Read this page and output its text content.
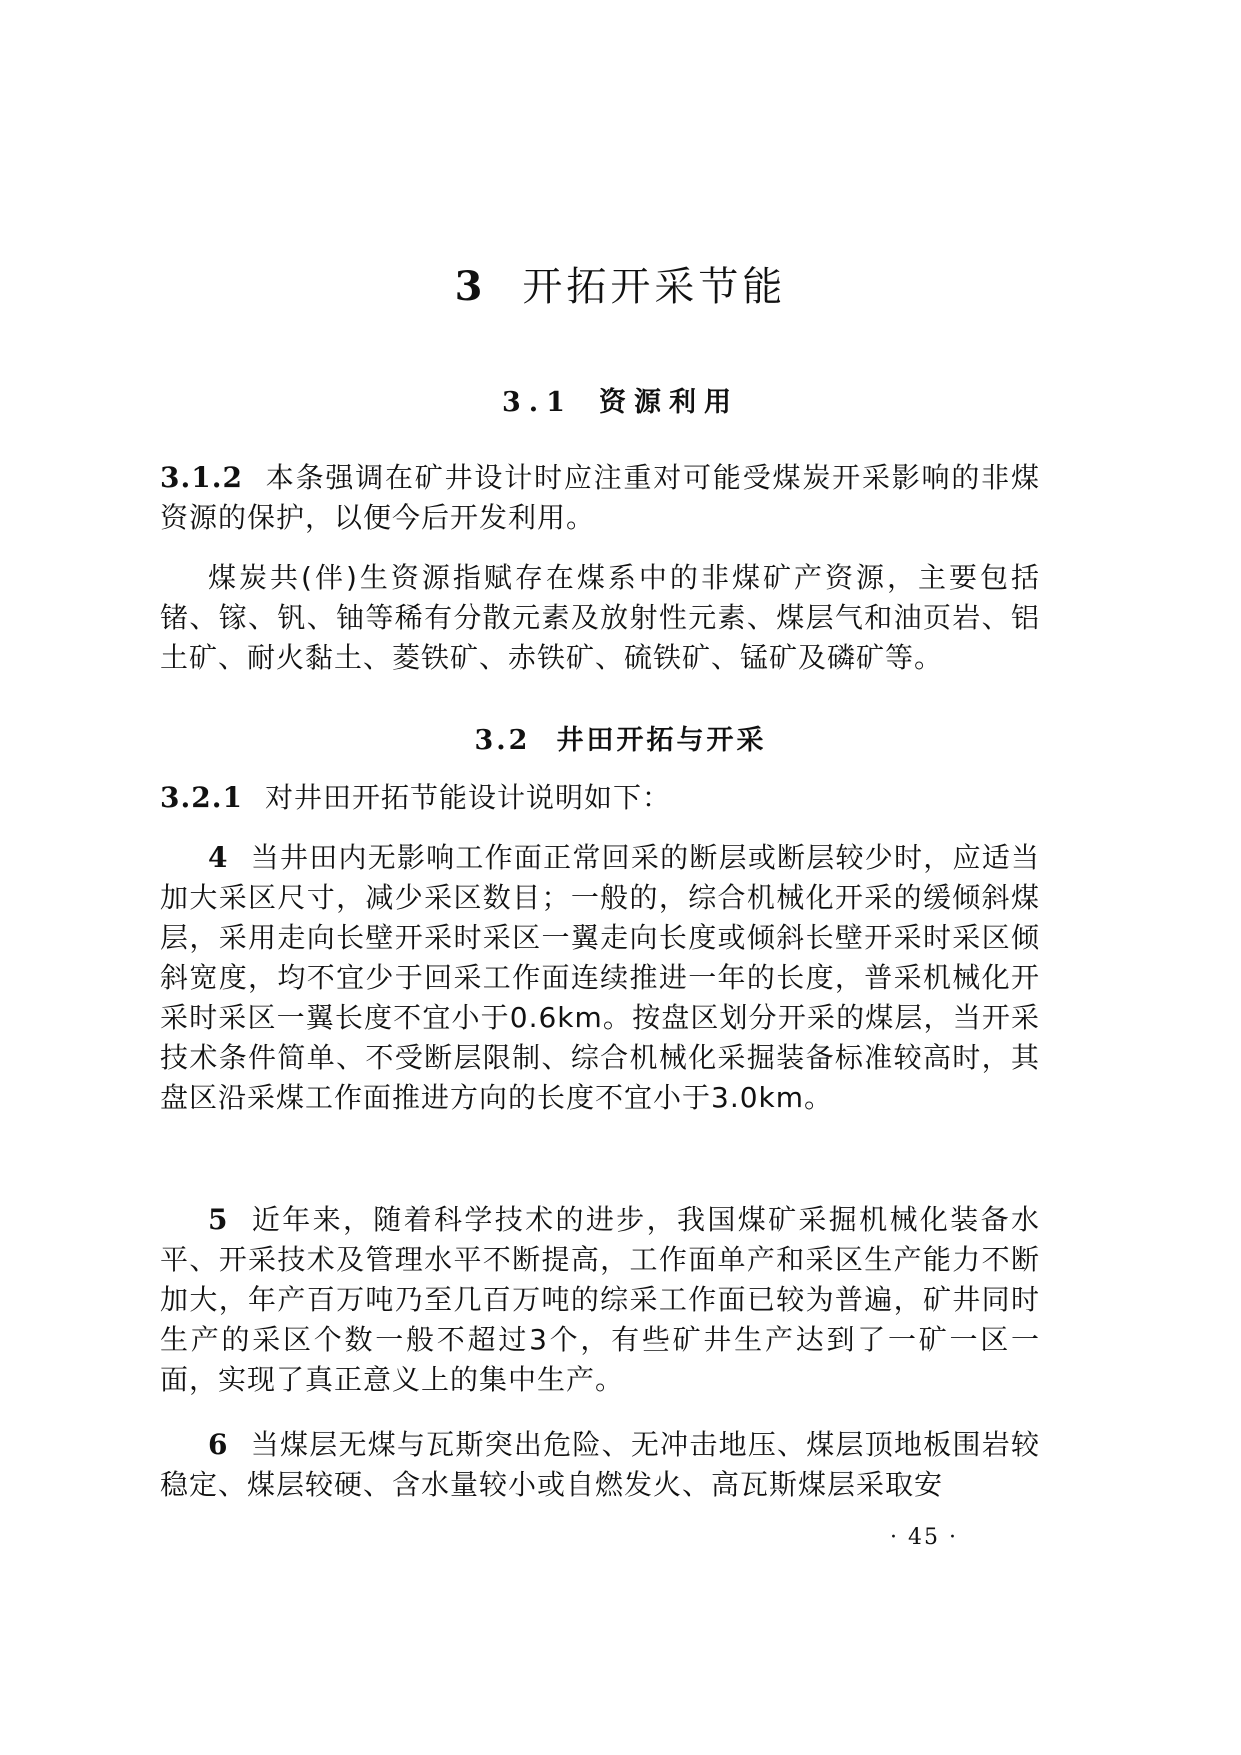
3 开拓开采节能
3.1 资源利用
3.1.2 本条强调在矿井设计时应注重对可能受煤炭开采影响的非煤资源的保护，以便今后开发利用。
煤炭共(伴)生资源指赋存在煤系中的非煤矿产资源，主要包括锗、镓、钒、铀等稀有分散元素及放射性元素、煤层气和油页岩、铝土矿、耐火黏土、菱铁矿、赤铁矿、硫铁矿、锰矿及磷矿等。
3.2 井田开拓与开采
3.2.1 对井田开拓节能设计说明如下：
4 当井田内无影响工作面正常回采的断层或断层较少时，应适当加大采区尺寸，减少采区数目；一般的，综合机械化开采的缓倾斜煤层，采用走向长壁开采时采区一翼走向长度或倾斜长壁开采时采区倾斜宽度，均不宜少于回采工作面连续推进一年的长度，普采机械化开采时采区一翼长度不宜小于0.6km。按盘区划分开采的煤层，当开采技术条件简单、不受断层限制、综合机械化采掘装备标准较高时，其盘区沿采煤工作面推进方向的长度不宜小于3.0km。
5 近年来，随着科学技术的进步，我国煤矿采掘机械化装备水平、开采技术及管理水平不断提高，工作面单产和采区生产能力不断加大，年产百万吨乃至几百万吨的综采工作面已较为普遍，矿井同时生产的采区个数一般不超过3个，有些矿井生产达到了一矿一区一面，实现了真正意义上的集中生产。
6 当煤层无煤与瓦斯突出危险、无冲击地压、煤层顶地板围岩较稳定、煤层较硬、含水量较小或自燃发火、高瓦斯煤层采取安
· 45 ·
